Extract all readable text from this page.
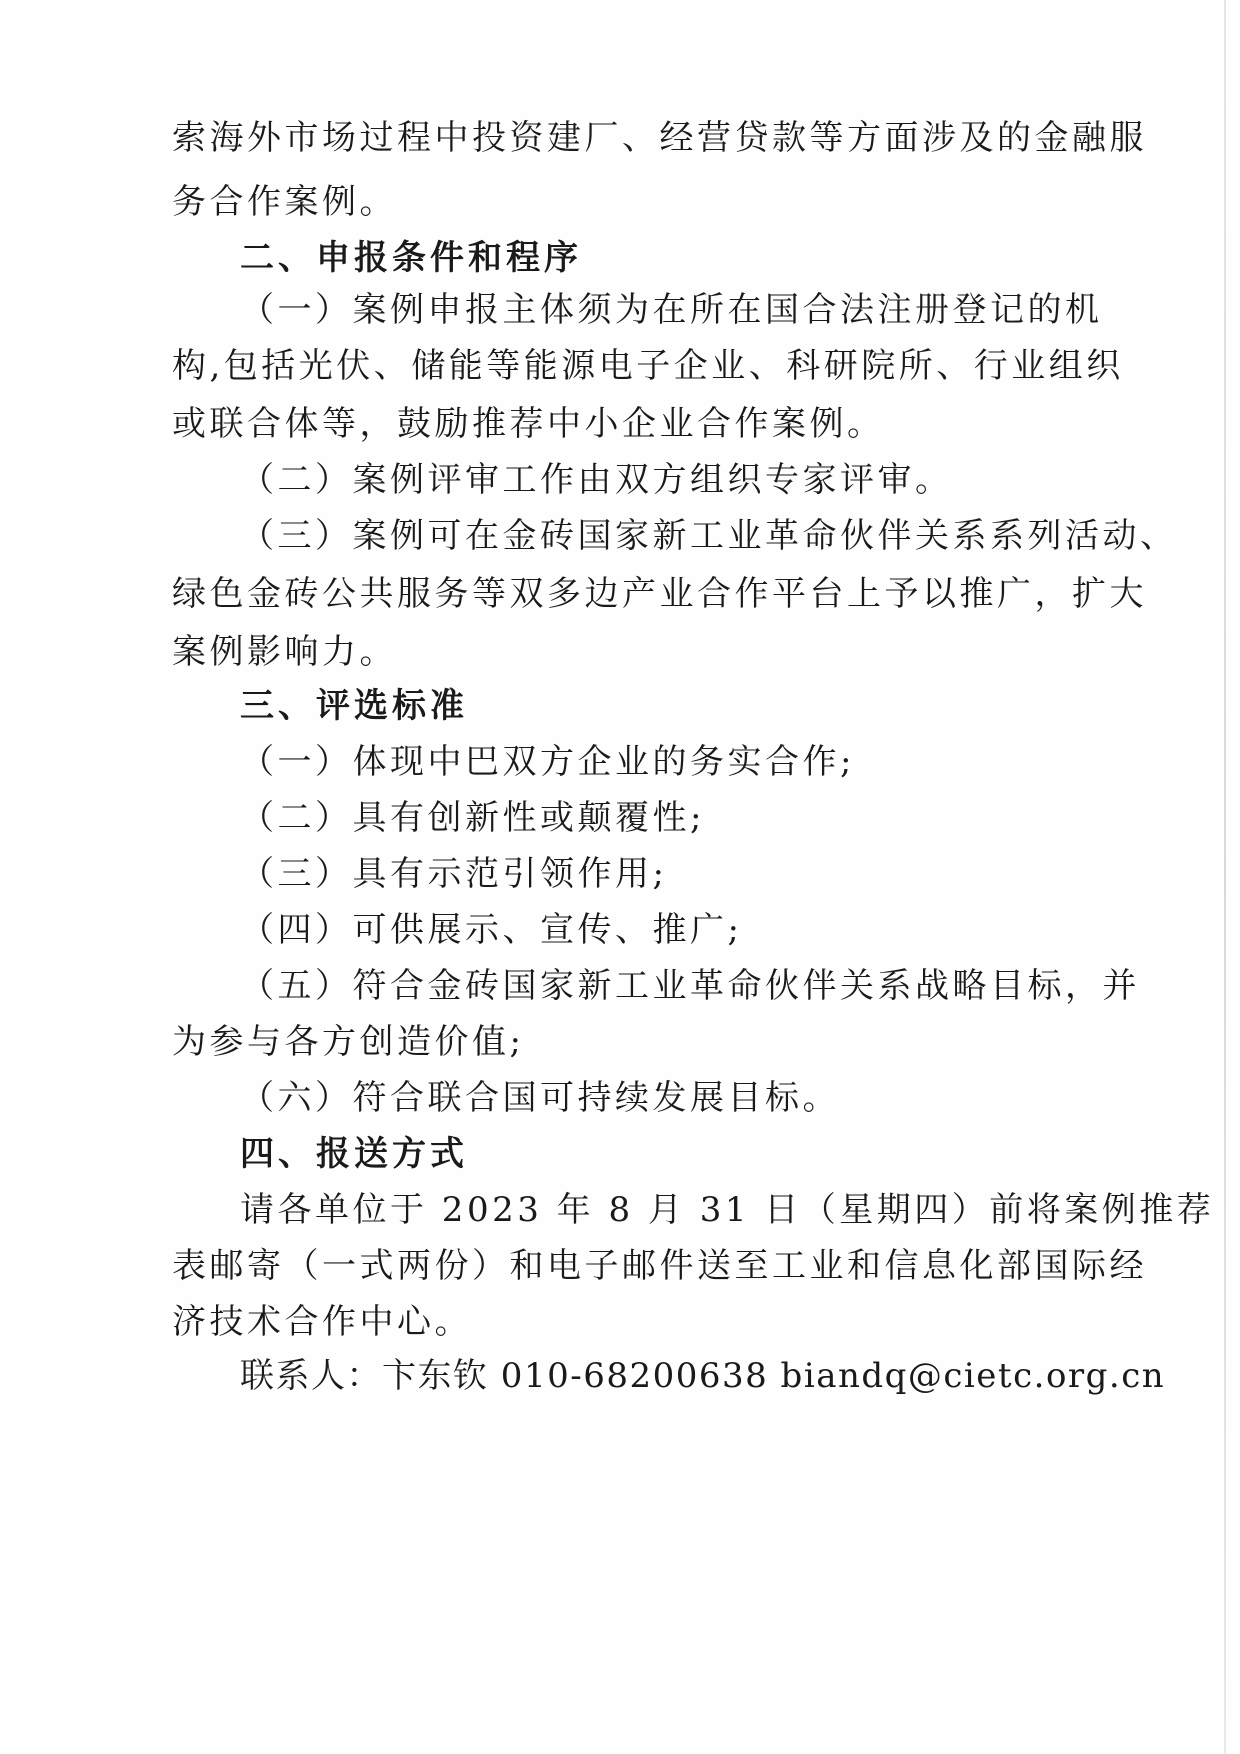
索海外市场过程中投资建厂、经营贷款等方面涉及的金融服
务合作案例。
二、申报条件和程序
（一）案例申报主体须为在所在国合法注册登记的机
构,包括光伏、储能等能源电子企业、科研院所、行业组织
或联合体等，鼓励推荐中小企业合作案例。
（二）案例评审工作由双方组织专家评审。
（三）案例可在金砖国家新工业革命伙伴关系系列活动、
绿色金砖公共服务等双多边产业合作平台上予以推广，扩大
案例影响力。
三、评选标准
（一）体现中巴双方企业的务实合作;
（二）具有创新性或颠覆性;
（三）具有示范引领作用;
（四）可供展示、宣传、推广;
（五）符合金砖国家新工业革命伙伴关系战略目标，并
为参与各方创造价值;
（六）符合联合国可持续发展目标。
四、报送方式
请各单位于 2023 年 8 月 31 日（星期四）前将案例推荐
表邮寄（一式两份）和电子邮件送至工业和信息化部国际经
济技术合作中心。
联系人：卞东钦 010-68200638 biandq@cietc.org.cn
